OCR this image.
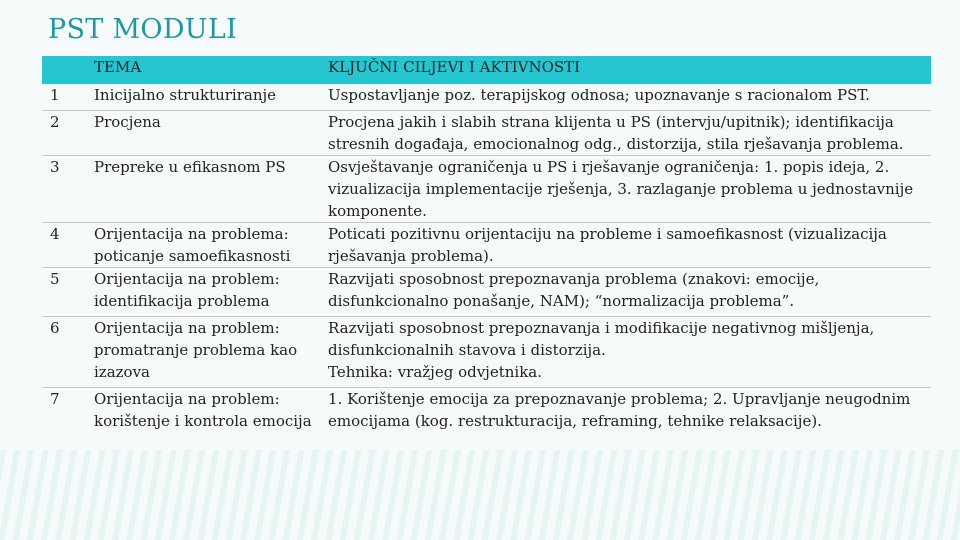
PST MODULI
	TEMA	KLJUČNI CILJEVI I AKTIVNOSTI
1	Inicijalno strukturiranje	Uspostavljanje poz. terapijskog odnosa; upoznavanje s racionalom PST.
2	Procjena	Procjena jakih i slabih strana klijenta u PS (intervju/upitnik); identifikacija stresnih događaja, emocionalnog odg., distorzija, stila rješavanja problema.
3	Prepreke u efikasnom PS	Osvještavanje ograničenja u PS i rješavanje ograničenja: 1. popis ideja, 2. vizualizacija implementacije rješenja, 3. razlaganje problema u jednostavnije komponente.
4	Orijentacija na problema: poticanje samoefikasnosti	Poticati pozitivnu orijentaciju na probleme i samoefikasnost (vizualizacija rješavanja problema).
5	Orijentacija na problem: identifikacija problema	Razvijati sposobnost prepoznavanja problema (znakovi: emocije, disfunkcionalno ponašanje, NAM); “normalizacija problema”.
6	Orijentacija na problem: promatranje problema kao izazova	Razvijati sposobnost prepoznavanja i modifikacije negativnog mišljenja, disfunkcionalnih stavova i distorzija.
Tehnika: vražjeg odvjetnika.

7	Orijentacija na problem: korištenje i kontrola emocija	1. Korištenje emocija za prepoznavanje problema; 2. Upravljanje neugodnim emocijama (kog. restrukturacija, reframing, tehnike relaksacije).
